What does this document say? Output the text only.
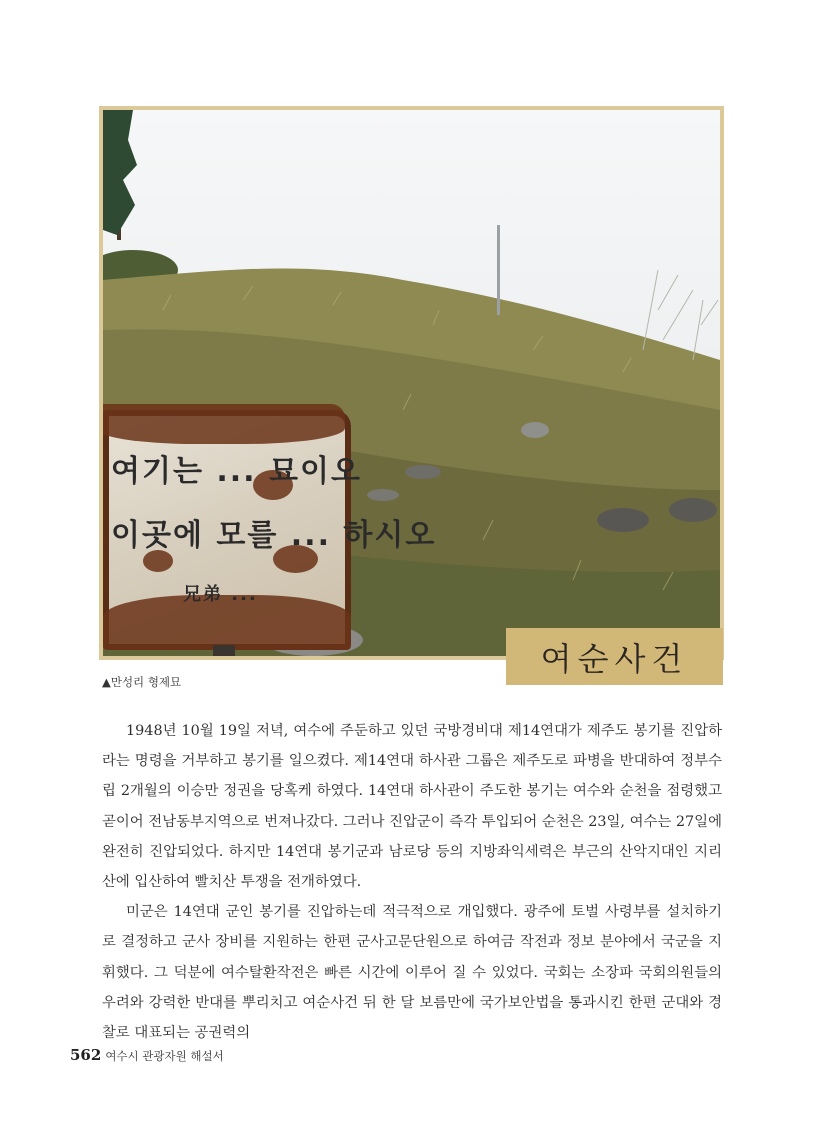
여기는 ... 묘이오
이곳에 모를 ... 하시오
兄弟 ...
여순사건
▲만성리 형제묘

1948년 10월 19일 저녁, 여수에 주둔하고 있던 국방경비대 제14연대가 제주도 봉기를 진압하라는 명령을 거부하고 봉기를 일으켰다. 제14연대 하사관 그룹은 제주도로 파병을 반대하여 정부수립 2개월의 이승만 정권을 당혹케 하였다. 14연대 하사관이 주도한 봉기는 여수와 순천을 점령했고 곧이어 전남동부지역으로 번져나갔다. 그러나 진압군이 즉각 투입되어 순천은 23일, 여수는 27일에 완전히 진압되었다. 하지만 14연대 봉기군과 남로당 등의 지방좌익세력은 부근의 산악지대인 지리산에 입산하여 빨치산 투쟁을 전개하였다.

미군은 14연대 군인 봉기를 진압하는데 적극적으로 개입했다. 광주에 토벌 사령부를 설치하기로 결정하고 군사 장비를 지원하는 한편 군사고문단원으로 하여금 작전과 정보 분야에서 국군을 지휘했다. 그 덕분에 여수탈환작전은 빠른 시간에 이루어 질 수 있었다. 국회는 소장파 국회의원들의 우려와 강력한 반대를 뿌리치고 여순사건 뒤 한 달 보름만에 국가보안법을 통과시킨 한편 군대와 경찰로 대표되는 공권력의

562 여수시 관광자원 해설서
